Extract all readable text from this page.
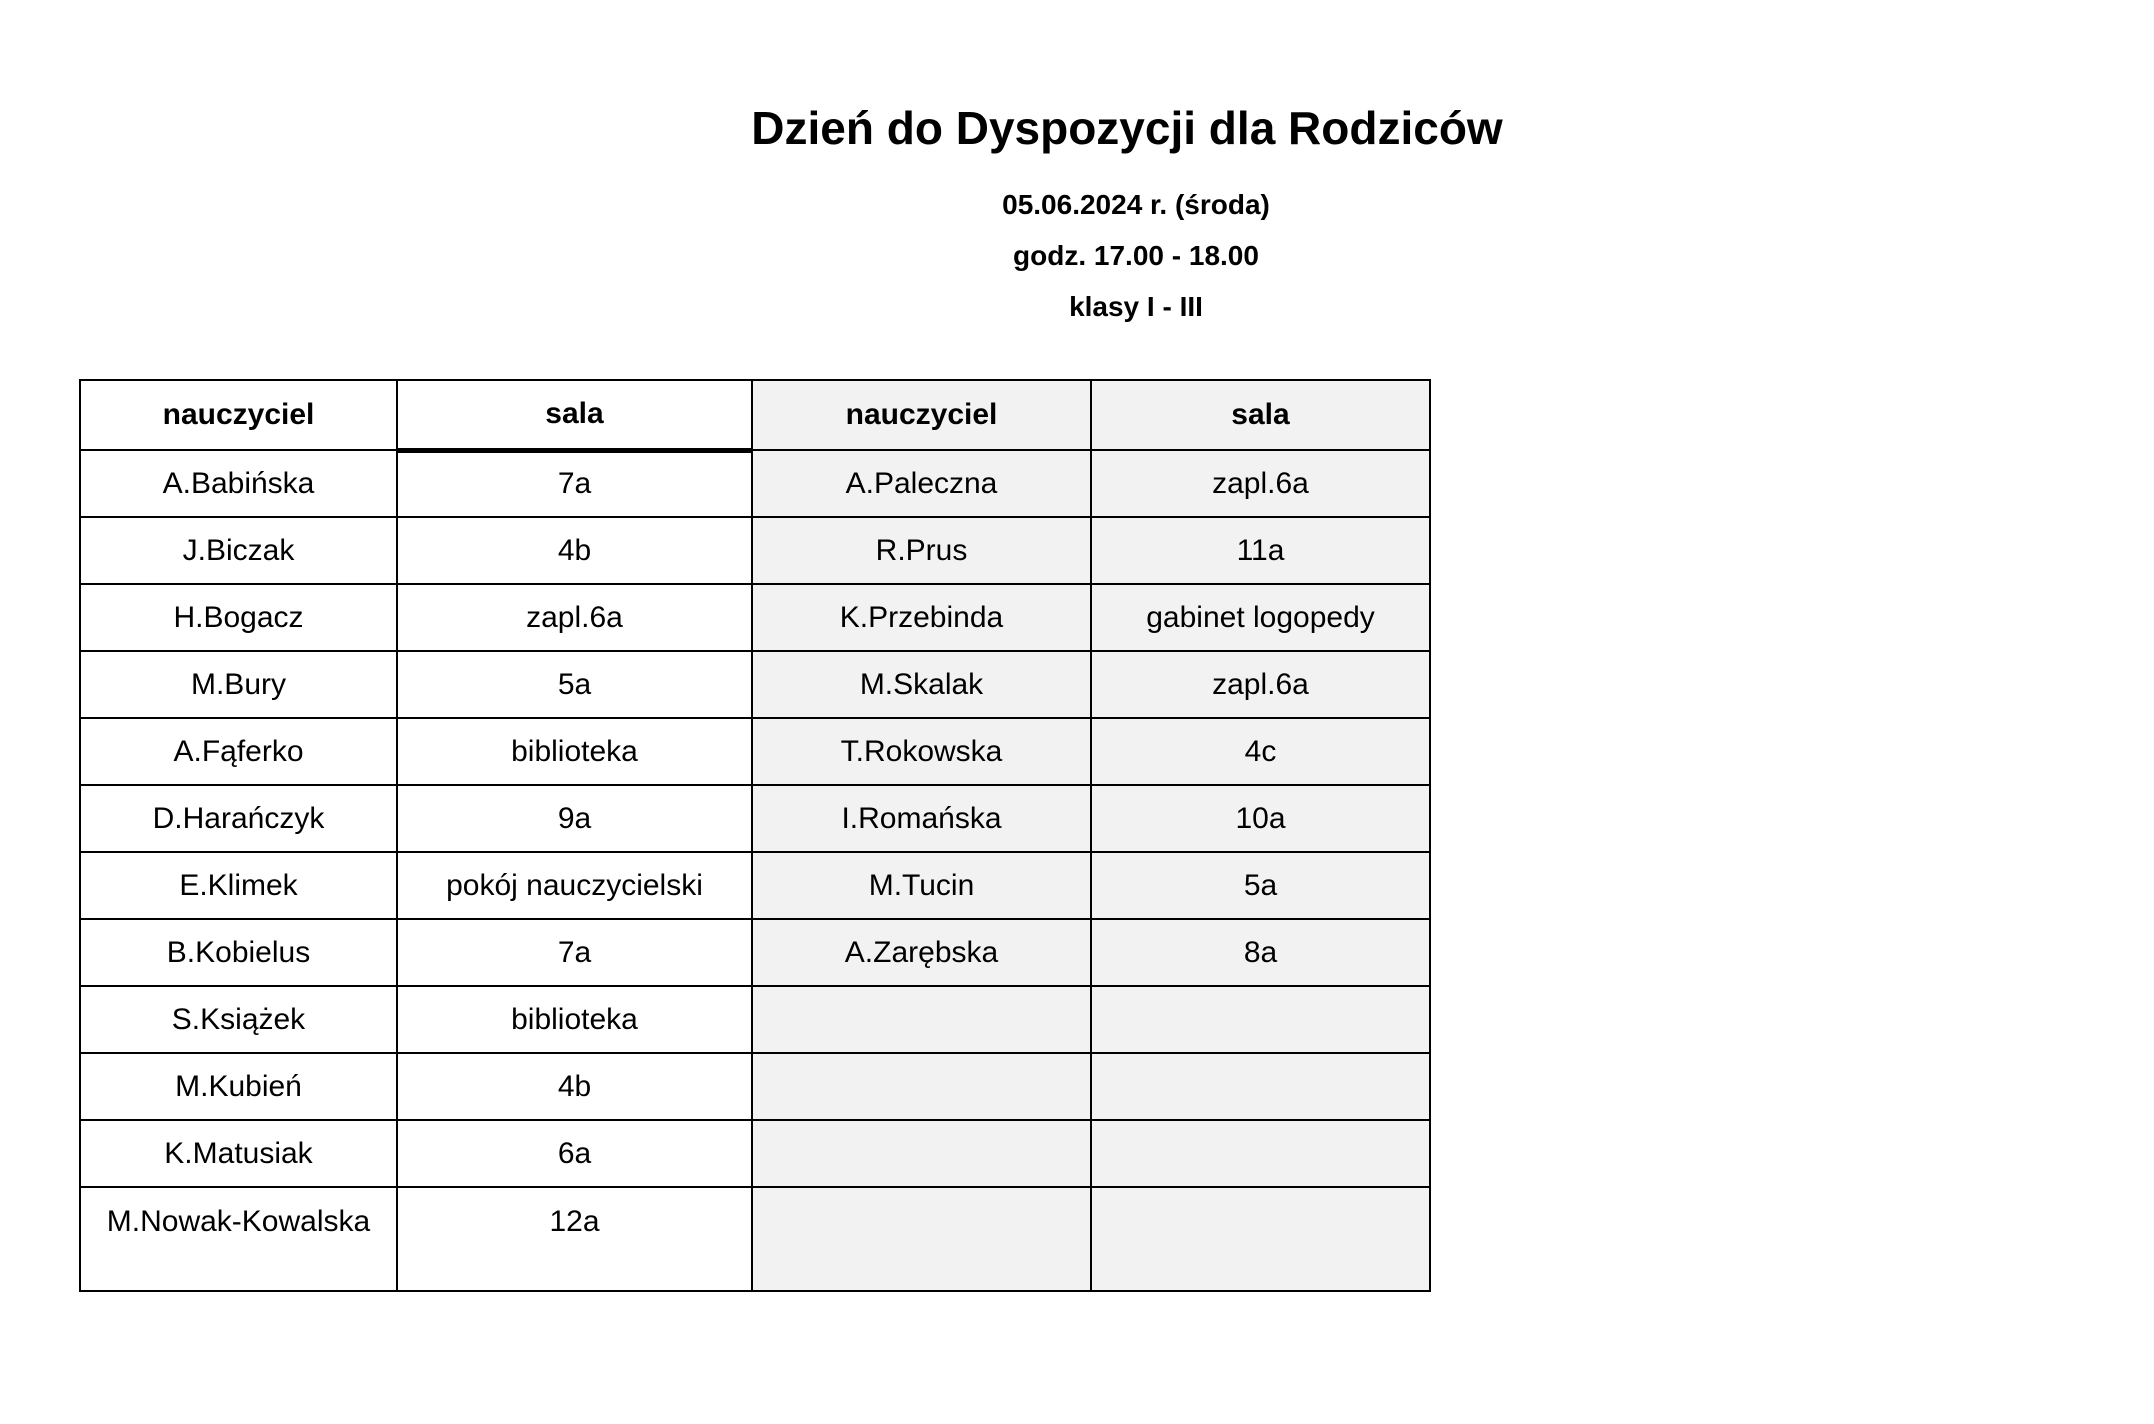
Dzień do Dyspozycji dla Rodziców
05.06.2024 r. (środa)
godz. 17.00 - 18.00
klasy I - III
nauczyciel	sala	nauczyciel	sala
A.Babińska	7a	A.Paleczna	zapl.6a
J.Biczak	4b	R.Prus	11a
H.Bogacz	zapl.6a	K.Przebinda	gabinet logopedy
M.Bury	5a	M.Skalak	zapl.6a
A.Fąferko	biblioteka	T.Rokowska	4c
D.Harańczyk	9a	I.Romańska	10a
E.Klimek	pokój nauczycielski	M.Tucin	5a
B.Kobielus	7a	A.Zarębska	8a
S.Książek	biblioteka		
M.Kubień	4b		
K.Matusiak	6a		
M.Nowak-Kowalska	12a		
